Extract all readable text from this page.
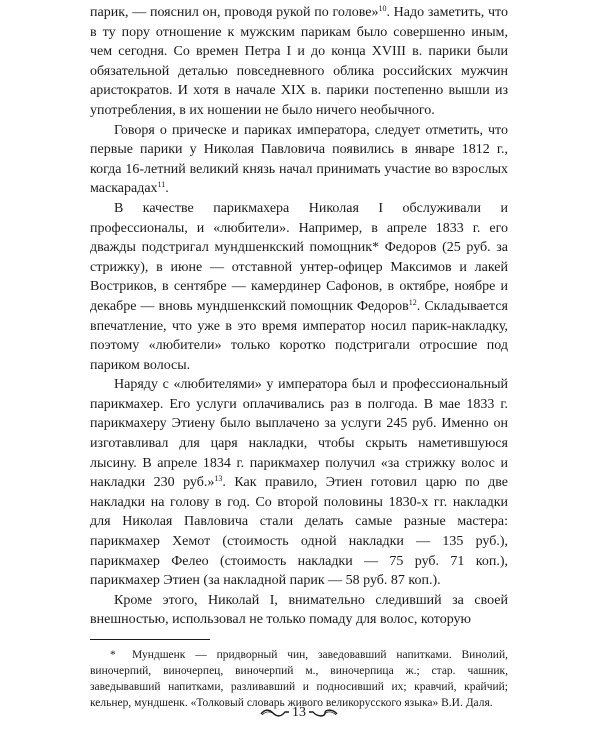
парик, — пояснил он, проводя рукой по голове»$^{10}$. Надо заметить, что в ту пору отношение к мужским парикам было совершенно иным, чем сегодня. Со времен Петра I и до конца XVIII в. парики были обязательной деталью повседневного облика российских мужчин аристократов. И хотя в начале XIX в. парики постепенно вышли из употребления, в их ношении не было ничего необычного.

Говоря о прическе и париках императора, следует отметить, что первые парики у Николая Павловича появились в январе 1812 г., когда 16-летний великий князь начал принимать участие во взрослых маскарадах$^{11}$.

В качестве парикмахера Николая I обслуживали и профессионалы, и «любители». Например, в апреле 1833 г. его дважды подстригал мундшенкский помощник* Федоров (25 руб. за стрижку), в июне — отставной унтер-офицер Максимов и лакей Востриков, в сентябре — камердинер Сафонов, в октябре, ноябре и декабре — вновь мундшенкский помощник Федоров$^{12}$. Складывается впечатление, что уже в это время император носил парик-накладку, поэтому «любители» только коротко подстригали отросшие под париком волосы.

Наряду с «любителями» у императора был и профессиональный парикмахер. Его услуги оплачивались раз в полгода. В мае 1833 г. парикмахеру Этиену было выплачено за услуги 245 руб. Именно он изготавливал для царя накладки, чтобы скрыть наметившуюся лысину. В апреле 1834 г. парикмахер получил «за стрижку волос и накладки 230 руб.»$^{13}$. Как правило, Этиен готовил царю по две накладки на голову в год. Со второй половины 1830-х гг. накладки для Николая Павловича стали делать самые разные мастера: парикмахер Хемот (стоимость одной накладки — 135 руб.), парикмахер Фелео (стоимость накладки — 75 руб. 71 коп.), парикмахер Этиен (за накладной парик — 58 руб. 87 коп.).

Кроме этого, Николай I, внимательно следивший за своей внешностью, использовал не только помаду для волос, которую

* Мундшенк — придворный чин, заведовавший напитками. Винолий, виночерпий, виночерпец, виночерпий м., виночерпица ж.; стар. чашник, заведывавший напитками, разливавший и подносивший их; кравчий, крайчий; кельнер, мундшенк. «Толковый словарь живого великорусского языка» В.И. Даля.

13
